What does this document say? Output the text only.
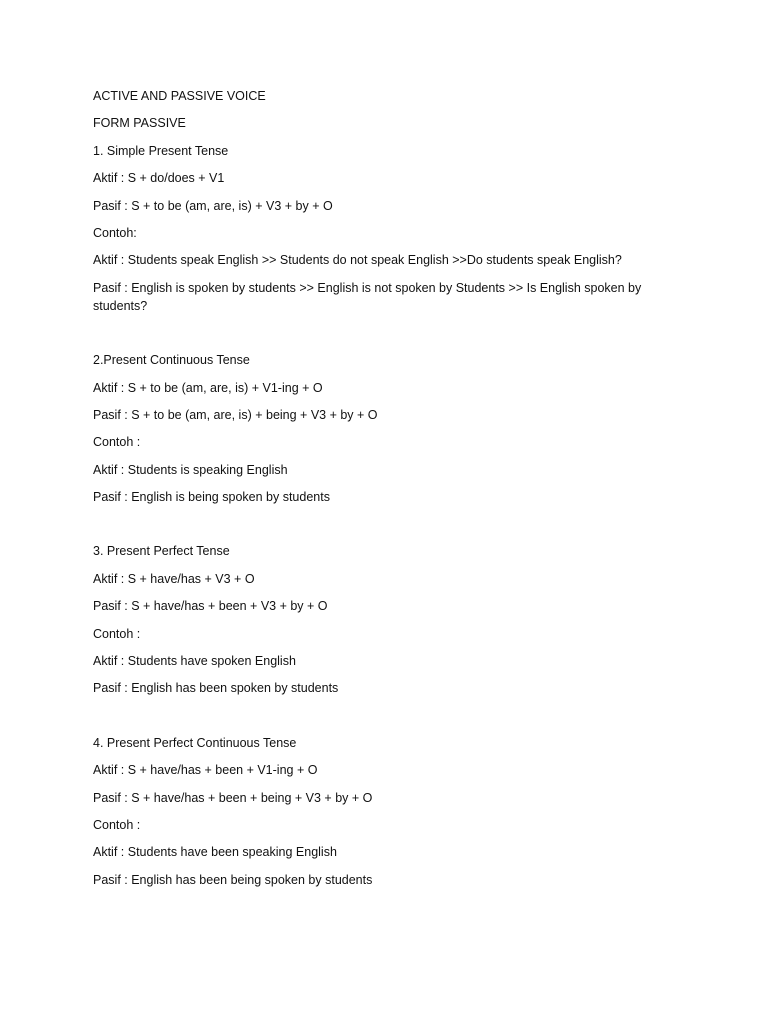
ACTIVE AND PASSIVE VOICE

FORM PASSIVE

1. Simple Present Tense

Aktif : S + do/does + V1

Pasif : S + to be (am, are, is) + V3 + by + O

Contoh:

Aktif : Students speak English >> Students do not speak English >>Do students speak English?

Pasif : English is spoken by students >> English is not spoken by Students >> Is English spoken by students?

2.Present Continuous Tense

Aktif : S + to be (am, are, is) + V1-ing + O

Pasif : S + to be (am, are, is) + being + V3 + by + O

Contoh :

Aktif : Students is speaking English

Pasif : English is being spoken by students

3. Present Perfect Tense

Aktif : S + have/has + V3 + O

Pasif : S + have/has + been + V3 + by + O

Contoh :

Aktif : Students have spoken English

Pasif : English has been spoken by students

4. Present Perfect Continuous Tense

Aktif : S + have/has + been + V1-ing + O

Pasif : S + have/has + been + being + V3 + by + O

Contoh :

Aktif : Students have been speaking English

Pasif : English has been being spoken by students
